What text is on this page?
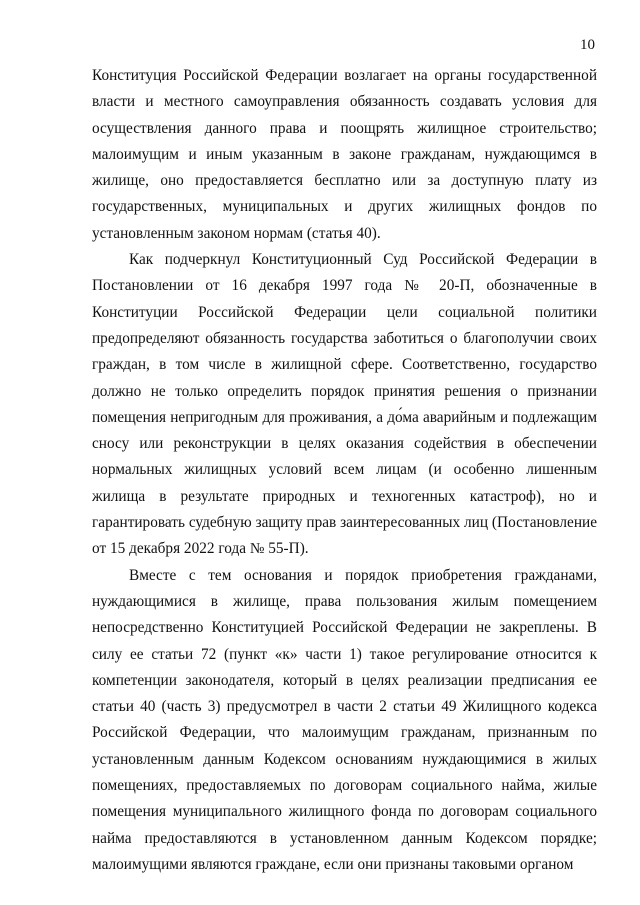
10

Конституция Российской Федерации возлагает на органы государственной власти и местного самоуправления обязанность создавать условия для осуществления данного права и поощрять жилищное строительство; малоимущим и иным указанным в законе гражданам, нуждающимся в жилище, оно предоставляется бесплатно или за доступную плату из государственных, муниципальных и других жилищных фондов по установленным законом нормам (статья 40).

Как подчеркнул Конституционный Суд Российской Федерации в Постановлении от 16 декабря 1997 года № 20-П, обозначенные в Конституции Российской Федерации цели социальной политики предопределяют обязанность государства заботиться о благополучии своих граждан, в том числе в жилищной сфере. Соответственно, государство должно не только определить порядок принятия решения о признании помещения непригодным для проживания, а до́ма аварийным и подлежащим сносу или реконструкции в целях оказания содействия в обеспечении нормальных жилищных условий всем лицам (и особенно лишенным жилища в результате природных и техногенных катастроф), но и гарантировать судебную защиту прав заинтересованных лиц (Постановление от 15 декабря 2022 года № 55-П).

Вместе с тем основания и порядок приобретения гражданами, нуждающимися в жилище, права пользования жилым помещением непосредственно Конституцией Российской Федерации не закреплены. В силу ее статьи 72 (пункт «к» части 1) такое регулирование относится к компетенции законодателя, который в целях реализации предписания ее статьи 40 (часть 3) предусмотрел в части 2 статьи 49 Жилищного кодекса Российской Федерации, что малоимущим гражданам, признанным по установленным данным Кодексом основаниям нуждающимися в жилых помещениях, предоставляемых по договорам социального найма, жилые помещения муниципального жилищного фонда по договорам социального найма предоставляются в установленном данным Кодексом порядке; малоимущими являются граждане, если они признаны таковыми органом
